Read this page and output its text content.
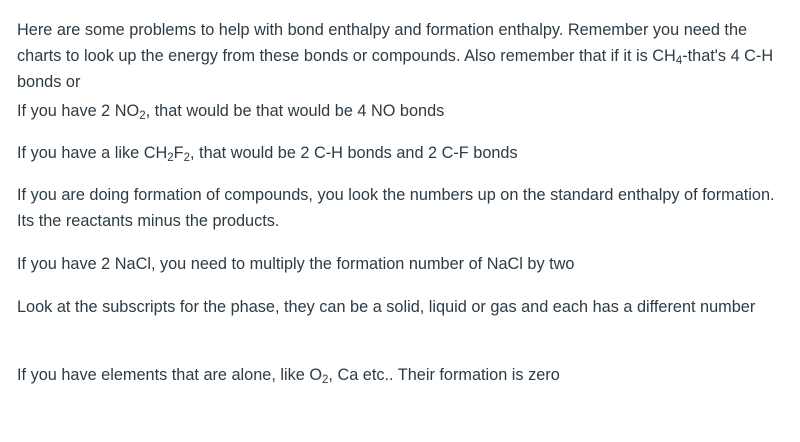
Here are some problems to help with bond enthalpy and formation enthalpy. Remember you need the charts to look up the energy from these bonds or compounds. Also remember that if it is $CH_4-that's$ 4 C-H bonds or

If you have 2 $NO_2$, that would be that would be 4 NO bonds

If you have a like $CH_2F_2$, that would be 2 C-H bonds and 2 C-F bonds

If you are doing formation of compounds, you look the numbers up on the standard enthalpy of formation. Its the reactants minus the products.

If you have 2 NaCl, you need to multiply the formation number of NaCl by two

Look at the subscripts for the phase, they can be a solid, liquid or gas and each has a different number

If you have elements that are alone, like $O_2$, Ca etc.. Their formation is zero
